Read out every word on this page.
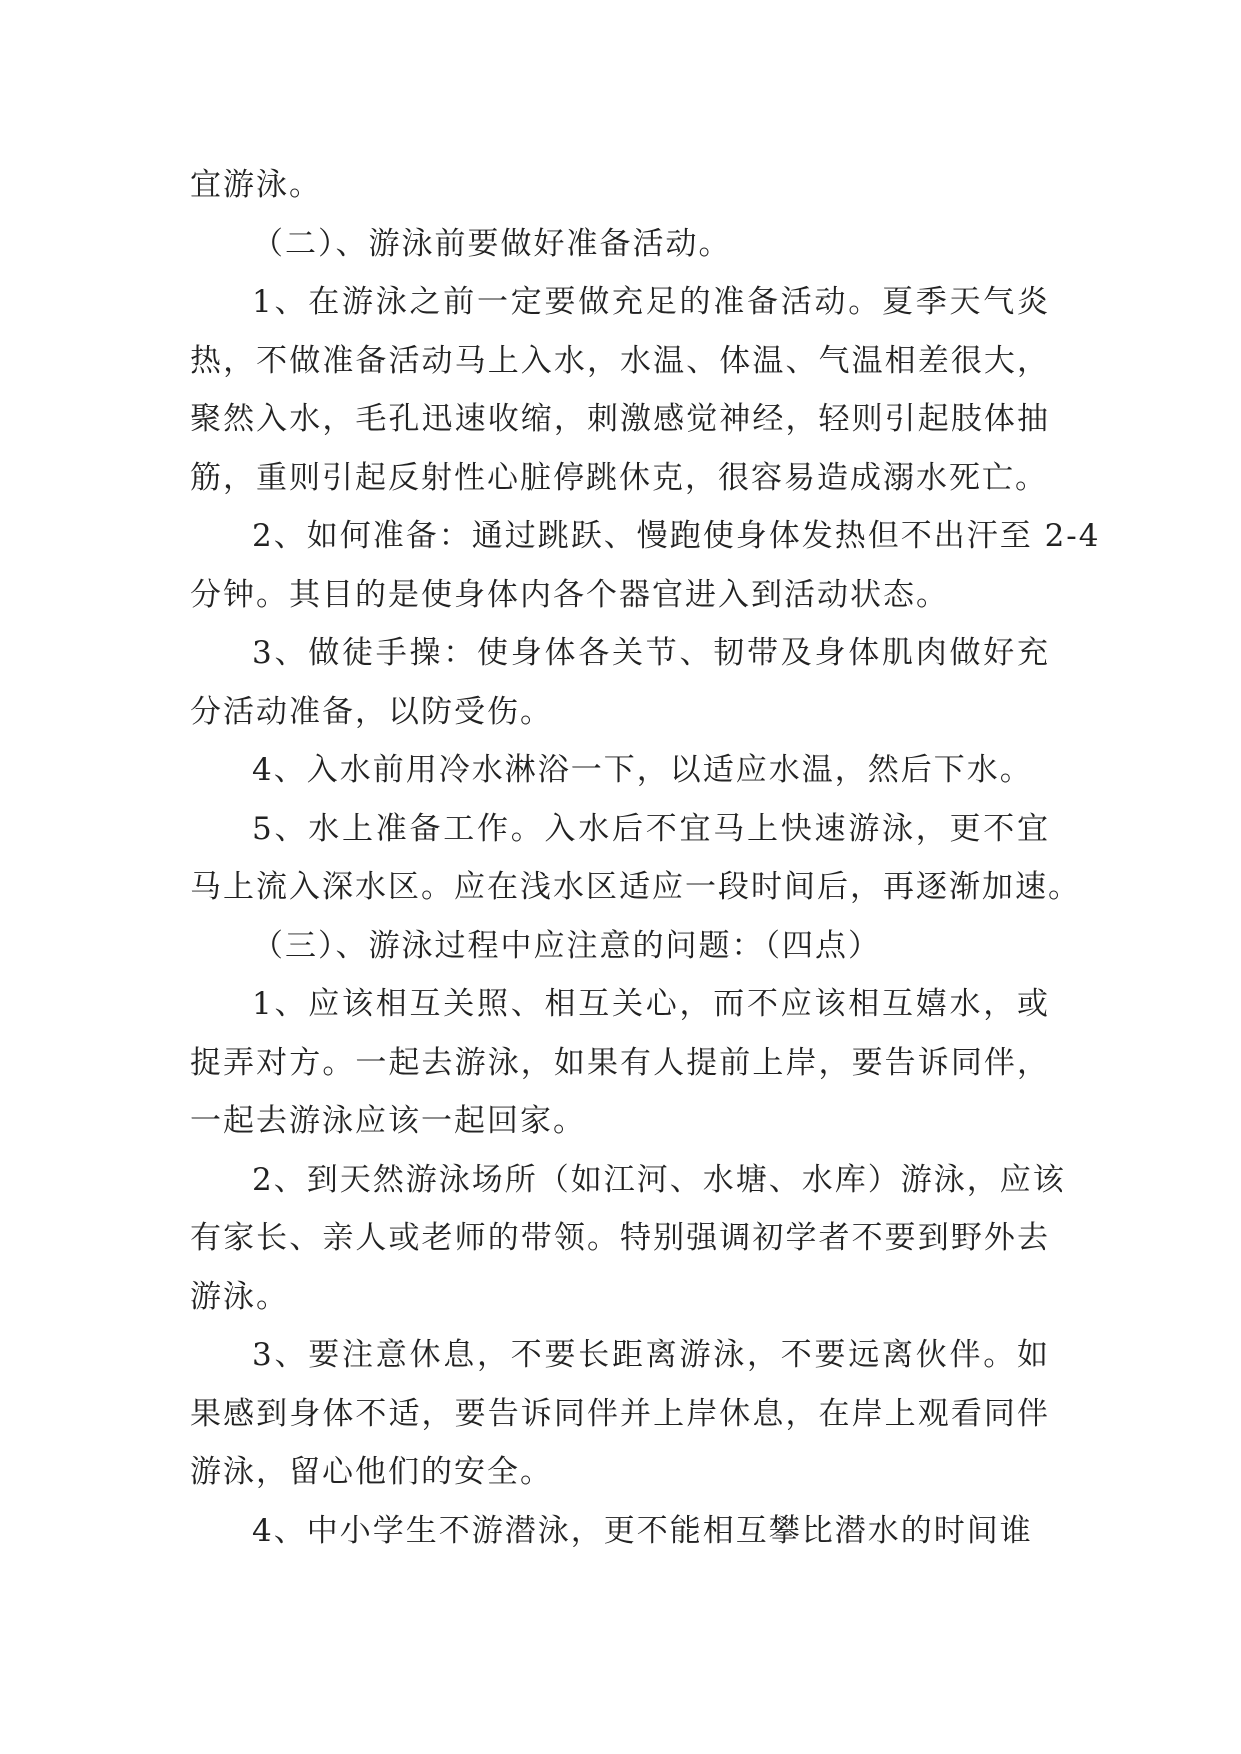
宜游泳。

（二）、游泳前要做好准备活动。

1、在游泳之前一定要做充足的准备活动。夏季天气炎
热，不做准备活动马上入水，水温、体温、气温相差很大，
聚然入水，毛孔迅速收缩，刺激感觉神经，轻则引起肢体抽
筋，重则引起反射性心脏停跳休克，很容易造成溺水死亡。

2、如何准备：通过跳跃、慢跑使身体发热但不出汗至 2-4
分钟。其目的是使身体内各个器官进入到活动状态。

3、做徒手操：使身体各关节、韧带及身体肌肉做好充
分活动准备，以防受伤。

4、入水前用冷水淋浴一下，以适应水温，然后下水。

5、水上准备工作。入水后不宜马上快速游泳，更不宜
马上流入深水区。应在浅水区适应一段时间后，再逐渐加速。

（三）、游泳过程中应注意的问题：（四点）

1、应该相互关照、相互关心，而不应该相互嬉水，或
捉弄对方。一起去游泳，如果有人提前上岸，要告诉同伴，
一起去游泳应该一起回家。

2、到天然游泳场所（如江河、水塘、水库）游泳，应该
有家长、亲人或老师的带领。特别强调初学者不要到野外去
游泳。

3、要注意休息，不要长距离游泳，不要远离伙伴。如
果感到身体不适，要告诉同伴并上岸休息，在岸上观看同伴
游泳，留心他们的安全。

4、中小学生不游潜泳，更不能相互攀比潜水的时间谁
